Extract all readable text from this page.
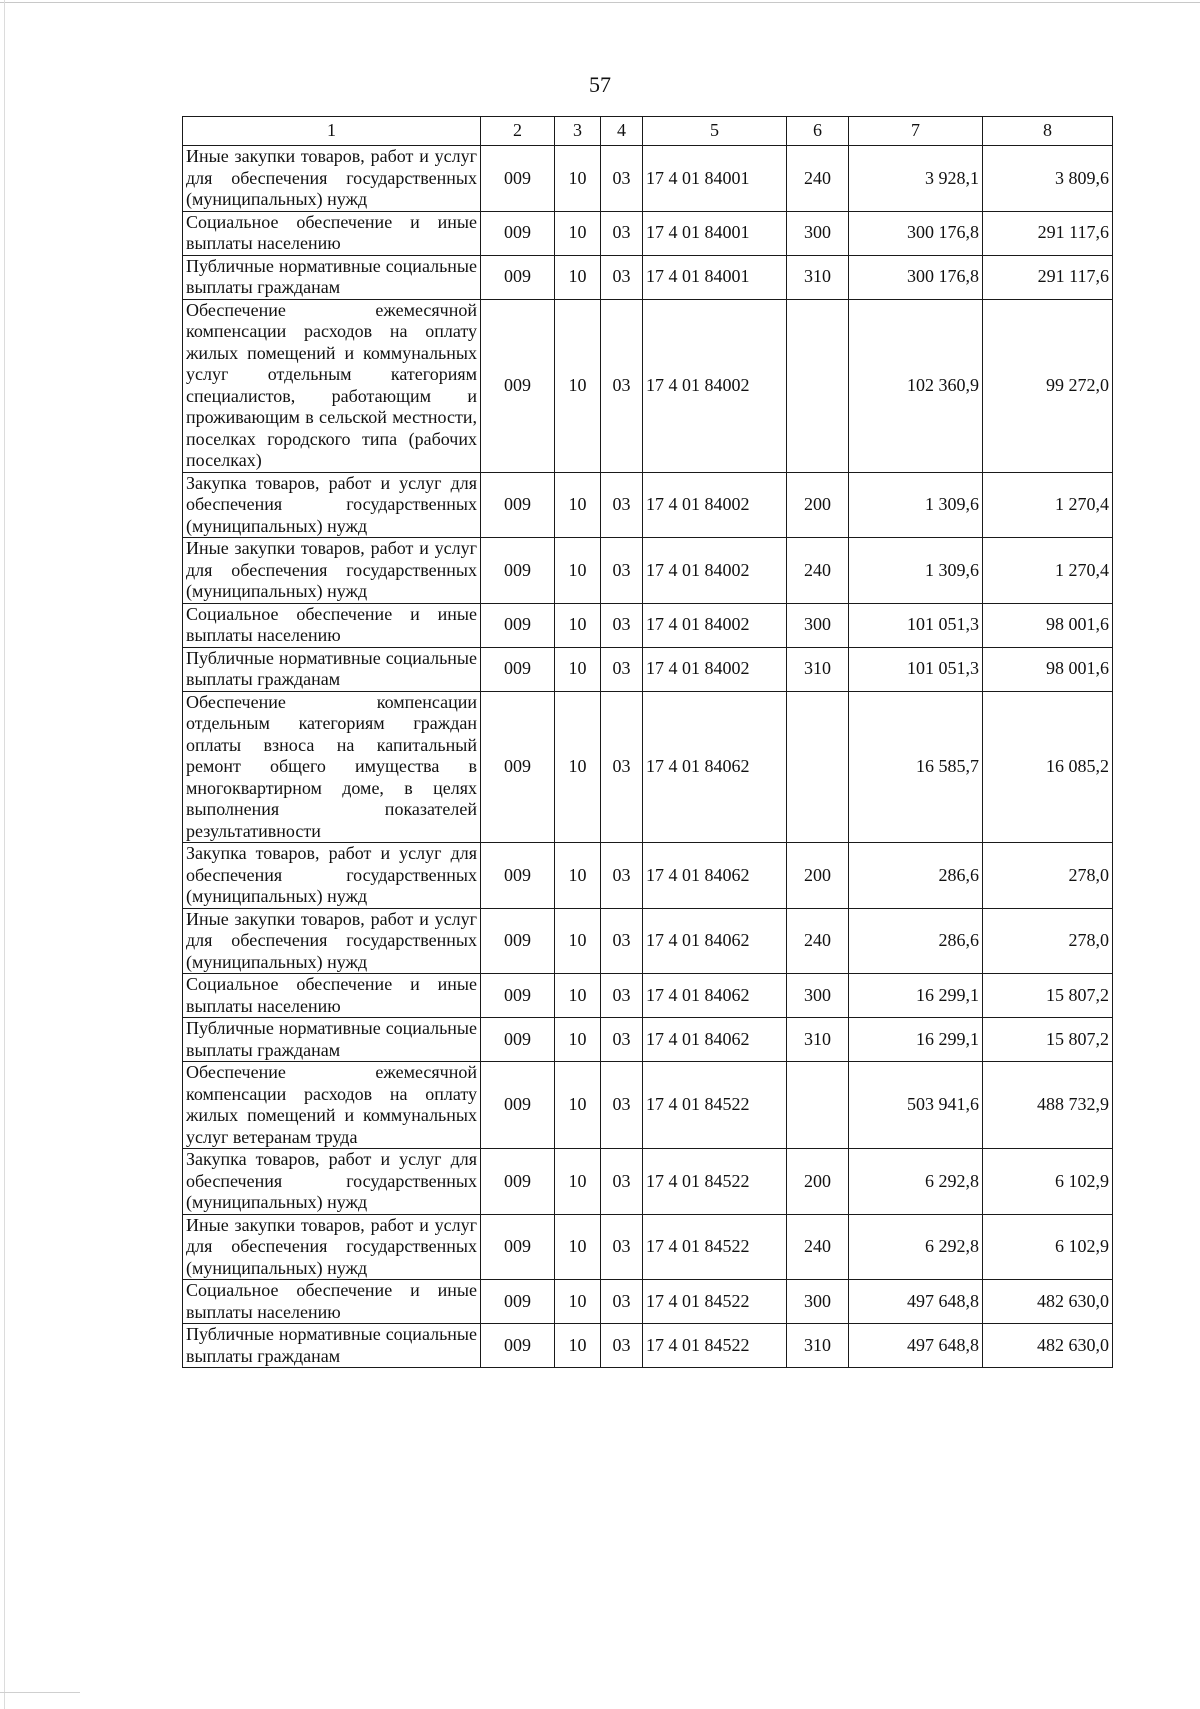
57
1	2	3	4	5	6	7	8
Иные закупки товаров, работ и услуг для обеспечения государственных (муниципальных) нужд	009	10	03	17 4 01 84001	240	3 928,1	3 809,6
Социальное обеспечение и иные выплаты населению	009	10	03	17 4 01 84001	300	300 176,8	291 117,6
Публичные нормативные социальные выплаты гражданам	009	10	03	17 4 01 84001	310	300 176,8	291 117,6
Обеспечение ежемесячной компенсации расходов на оплату жилых помещений и коммунальных услуг отдельным категориям специалистов, работающим и проживающим в сельской местности, поселках городского типа (рабочих поселках)	009	10	03	17 4 01 84002		102 360,9	99 272,0
Закупка товаров, работ и услуг для обеспечения государственных (муниципальных) нужд	009	10	03	17 4 01 84002	200	1 309,6	1 270,4
Иные закупки товаров, работ и услуг для обеспечения государственных (муниципальных) нужд	009	10	03	17 4 01 84002	240	1 309,6	1 270,4
Социальное обеспечение и иные выплаты населению	009	10	03	17 4 01 84002	300	101 051,3	98 001,6
Публичные нормативные социальные выплаты гражданам	009	10	03	17 4 01 84002	310	101 051,3	98 001,6
Обеспечение компенсации отдельным категориям граждан оплаты взноса на капитальный ремонт общего имущества в многоквартирном доме, в целях выполнения показателей результативности	009	10	03	17 4 01 84062		16 585,7	16 085,2
Закупка товаров, работ и услуг для обеспечения государственных (муниципальных) нужд	009	10	03	17 4 01 84062	200	286,6	278,0
Иные закупки товаров, работ и услуг для обеспечения государственных (муниципальных) нужд	009	10	03	17 4 01 84062	240	286,6	278,0
Социальное обеспечение и иные выплаты населению	009	10	03	17 4 01 84062	300	16 299,1	15 807,2
Публичные нормативные социальные выплаты гражданам	009	10	03	17 4 01 84062	310	16 299,1	15 807,2
Обеспечение ежемесячной компенсации расходов на оплату жилых помещений и коммунальных услуг ветеранам труда	009	10	03	17 4 01 84522		503 941,6	488 732,9
Закупка товаров, работ и услуг для обеспечения государственных (муниципальных) нужд	009	10	03	17 4 01 84522	200	6 292,8	6 102,9
Иные закупки товаров, работ и услуг для обеспечения государственных (муниципальных) нужд	009	10	03	17 4 01 84522	240	6 292,8	6 102,9
Социальное обеспечение и иные выплаты населению	009	10	03	17 4 01 84522	300	497 648,8	482 630,0
Публичные нормативные социальные выплаты гражданам	009	10	03	17 4 01 84522	310	497 648,8	482 630,0
